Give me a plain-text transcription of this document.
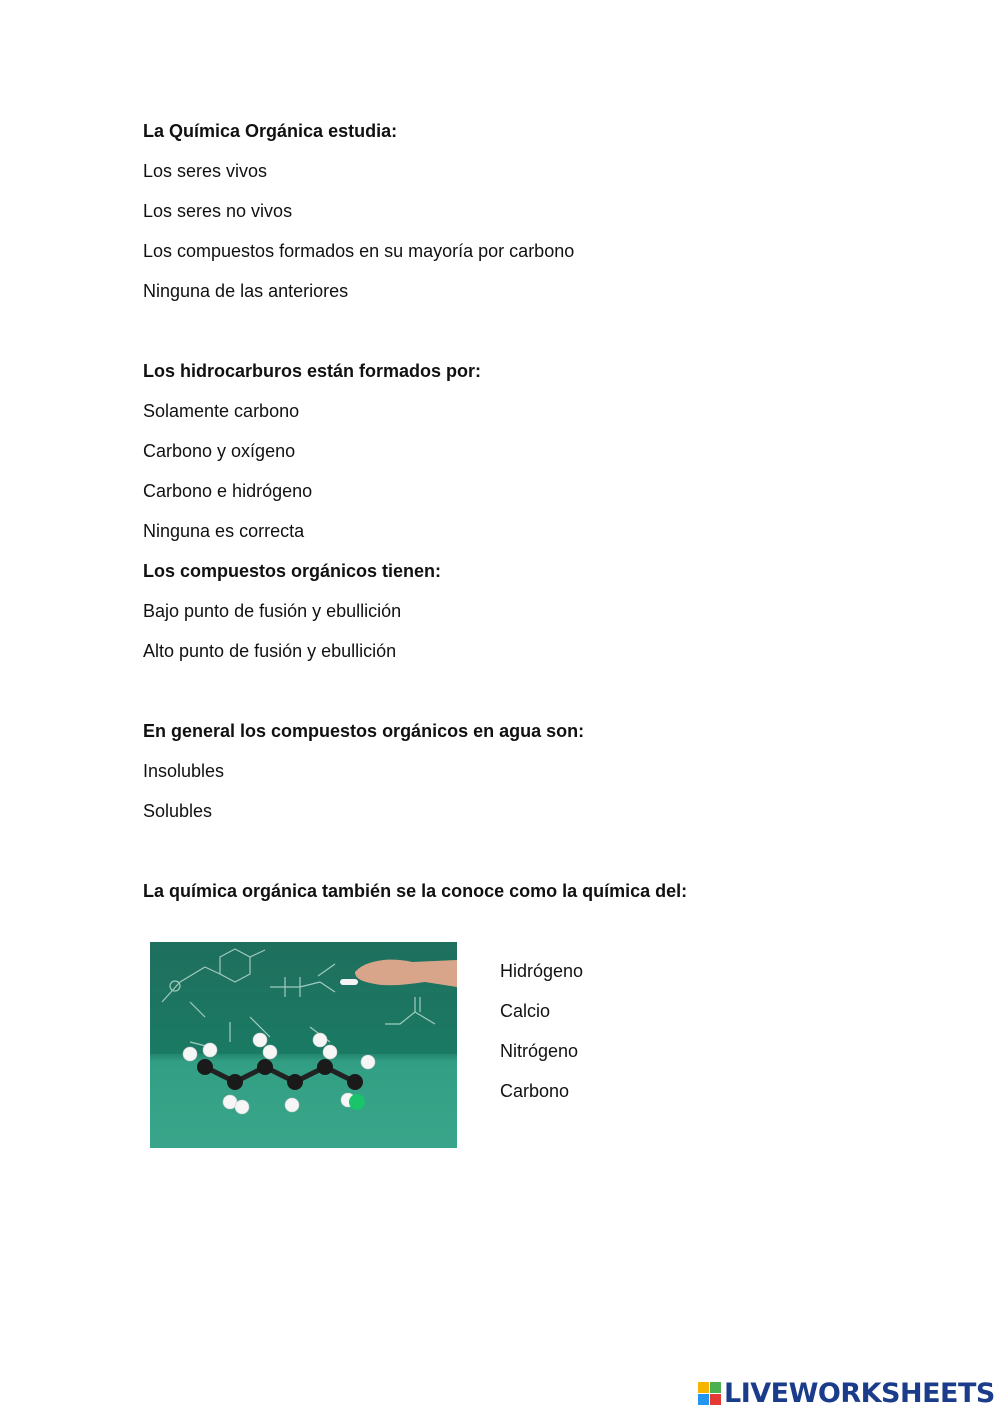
La Química Orgánica estudia:
Los seres vivos
Los seres no vivos
Los compuestos formados en su mayoría por carbono
Ninguna de las anteriores
Los hidrocarburos están formados por:
Solamente carbono
Carbono y oxígeno
Carbono e hidrógeno
Ninguna es correcta
Los compuestos orgánicos tienen:
Bajo punto de fusión y ebullición
Alto punto de fusión y ebullición
En general los compuestos orgánicos en agua son:
Insolubles
Solubles
La química orgánica también se la conoce como la química del:
Hidrógeno
Calcio
Nitrógeno
Carbono
LIVEWORKSHEETS
